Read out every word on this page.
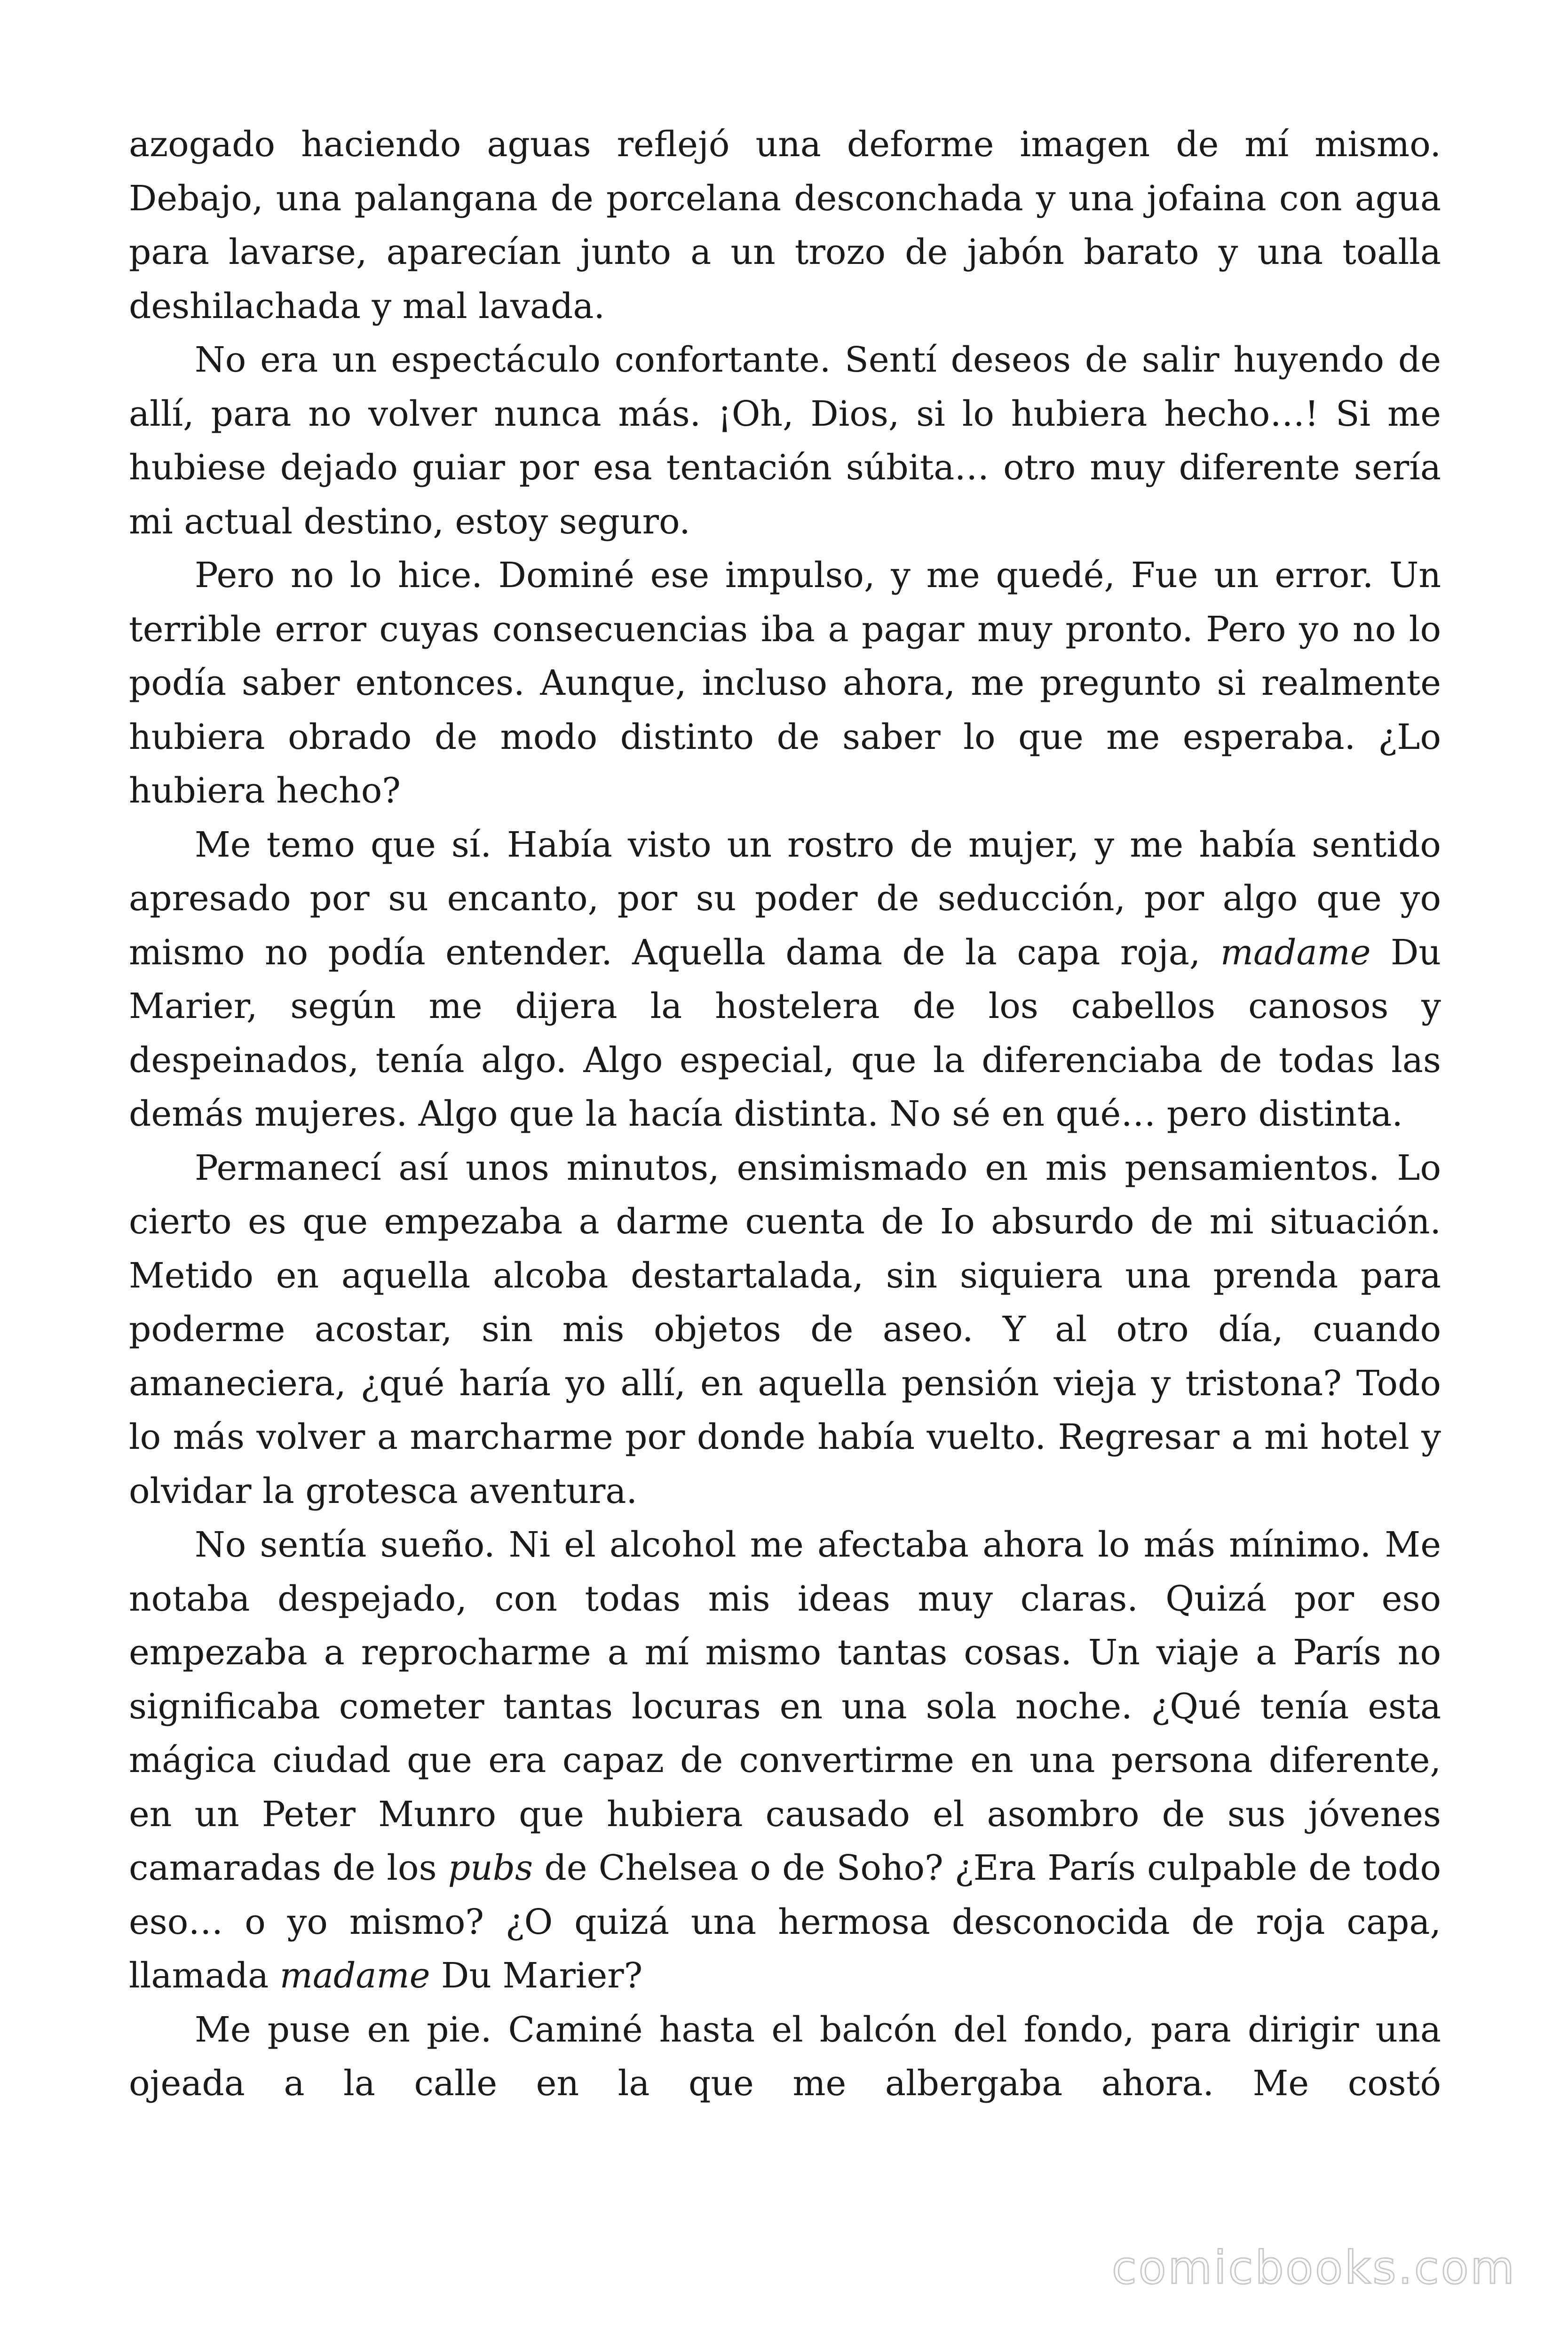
azogado haciendo aguas reflejó una deforme imagen de mí mismo. Debajo, una palangana de porcelana desconchada y una jofaina con agua para lavarse, aparecían junto a un trozo de jabón barato y una toalla deshilachada y mal lavada.

No era un espectáculo confortante. Sentí deseos de salir huyendo de allí, para no volver nunca más. ¡Oh, Dios, si lo hubiera hecho…! Si me hubiese dejado guiar por esa tentación súbita… otro muy diferente sería mi actual destino, estoy seguro.

Pero no lo hice. Dominé ese impulso, y me quedé, Fue un error. Un terrible error cuyas consecuencias iba a pagar muy pronto. Pero yo no lo podía saber entonces. Aunque, incluso ahora, me pregunto si realmente hubiera obrado de modo distinto de saber lo que me esperaba. ¿Lo hubiera hecho?

Me temo que sí. Había visto un rostro de mujer, y me había sentido apresado por su encanto, por su poder de seducción, por algo que yo mismo no podía entender. Aquella dama de la capa roja, madame Du Marier, según me dijera la hostelera de los cabellos canosos y despeinados, tenía algo. Algo especial, que la diferenciaba de todas las demás mujeres. Algo que la hacía distinta. No sé en qué… pero distinta.

Permanecí así unos minutos, ensimismado en mis pensamientos. Lo cierto es que empezaba a darme cuenta de Io absurdo de mi situación. Metido en aquella alcoba destartalada, sin siquiera una prenda para poderme acostar, sin mis objetos de aseo. Y al otro día, cuando amaneciera, ¿qué haría yo allí, en aquella pensión vieja y tristona? Todo lo más volver a marcharme por donde había vuelto. Regresar a mi hotel y olvidar la grotesca aventura.

No sentía sueño. Ni el alcohol me afectaba ahora lo más mínimo. Me notaba despejado, con todas mis ideas muy claras. Quizá por eso empezaba a reprocharme a mí mismo tantas cosas. Un viaje a París no significaba cometer tantas locuras en una sola noche. ¿Qué tenía esta mágica ciudad que era capaz de convertirme en una persona diferente, en un Peter Munro que hubiera causado el asombro de sus jóvenes camaradas de los pubs de Chelsea o de Soho? ¿Era París culpable de todo eso… o yo mismo? ¿O quizá una hermosa desconocida de roja capa, llamada madame Du Marier?

Me puse en pie. Caminé hasta el balcón del fondo, para dirigir una ojeada a la calle en la que me albergaba ahora. Me costó

comicbooks.com
